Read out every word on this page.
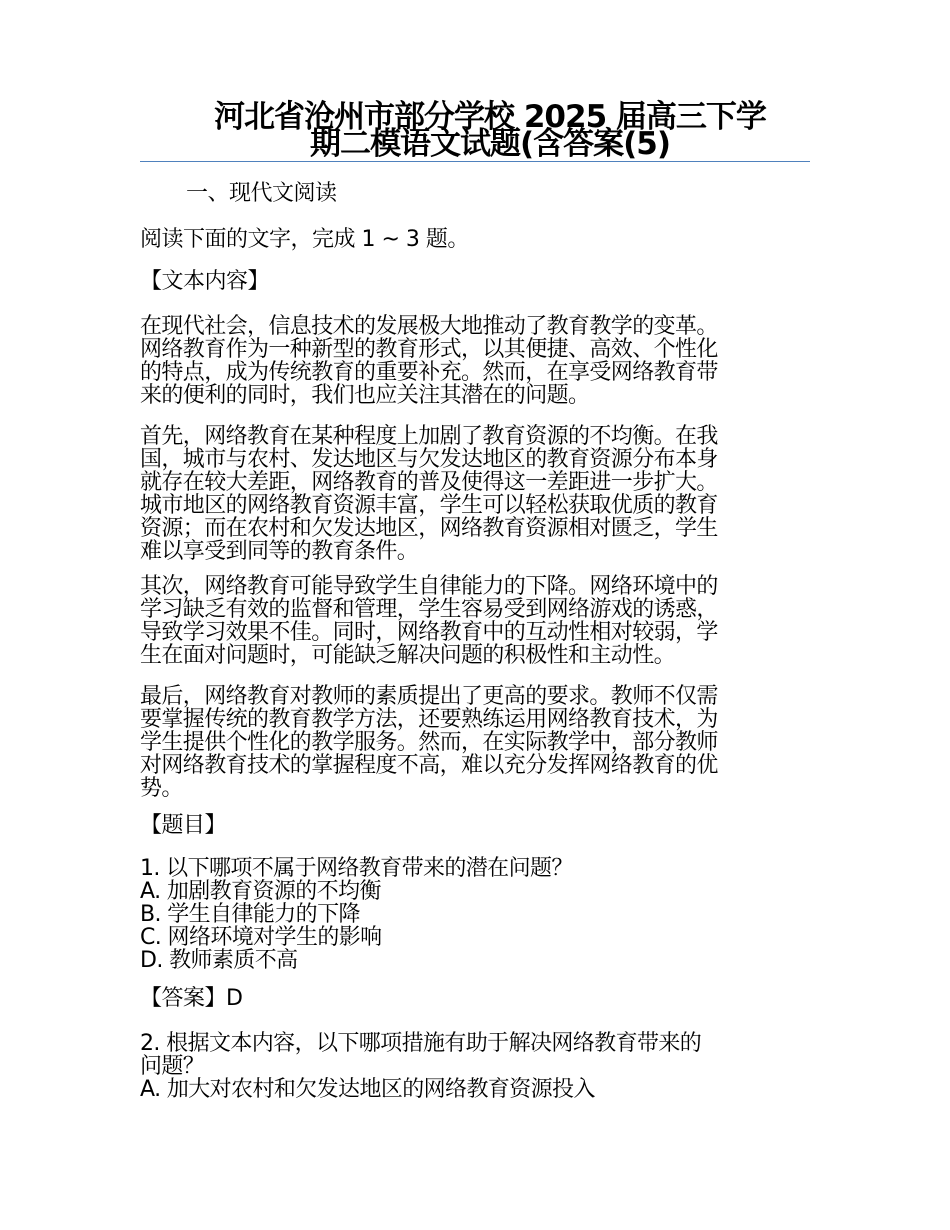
河北省沧州市部分学校 2025 届高三下学
期二模语文试题(含答案(5)
一、现代文阅读
阅读下面的文字，完成 1 ~ 3 题。
【文本内容】
在现代社会，信息技术的发展极大地推动了教育教学的变革。
网络教育作为一种新型的教育形式，以其便捷、高效、个性化
的特点，成为传统教育的重要补充。然而，在享受网络教育带
来的便利的同时，我们也应关注其潜在的问题。
首先，网络教育在某种程度上加剧了教育资源的不均衡。在我
国，城市与农村、发达地区与欠发达地区的教育资源分布本身
就存在较大差距，网络教育的普及使得这一差距进一步扩大。
城市地区的网络教育资源丰富，学生可以轻松获取优质的教育
资源；而在农村和欠发达地区，网络教育资源相对匮乏，学生
难以享受到同等的教育条件。
其次，网络教育可能导致学生自律能力的下降。网络环境中的
学习缺乏有效的监督和管理，学生容易受到网络游戏的诱惑，
导致学习效果不佳。同时，网络教育中的互动性相对较弱，学
生在面对问题时，可能缺乏解决问题的积极性和主动性。
最后，网络教育对教师的素质提出了更高的要求。教师不仅需
要掌握传统的教育教学方法，还要熟练运用网络教育技术，为
学生提供个性化的教学服务。然而，在实际教学中，部分教师
对网络教育技术的掌握程度不高，难以充分发挥网络教育的优
势。
【题目】
1. 以下哪项不属于网络教育带来的潜在问题？
A. 加剧教育资源的不均衡
B. 学生自律能力的下降
C. 网络环境对学生的影响
D. 教师素质不高
【答案】D
2. 根据文本内容，以下哪项措施有助于解决网络教育带来的
问题？
A. 加大对农村和欠发达地区的网络教育资源投入
